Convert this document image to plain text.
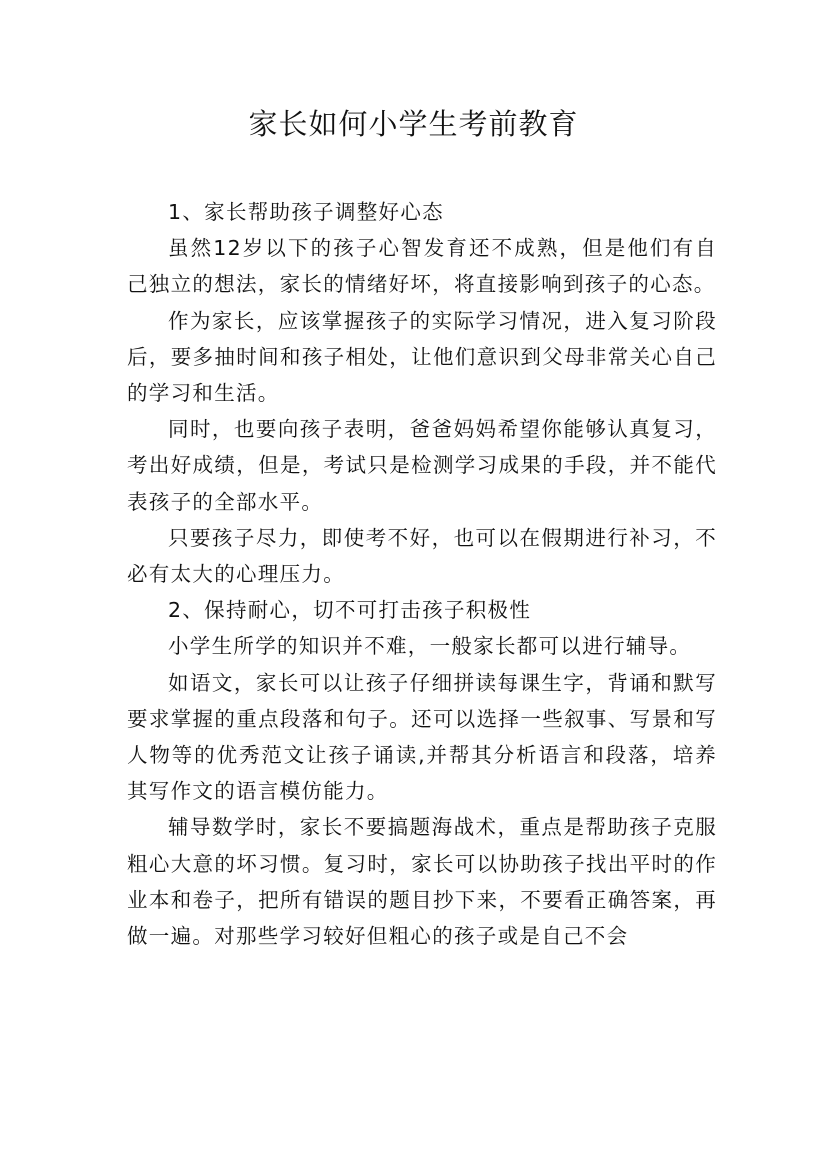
家长如何小学生考前教育

1、家长帮助孩子调整好心态

虽然12岁以下的孩子心智发育还不成熟，但是他们有自己独立的想法，家长的情绪好坏，将直接影响到孩子的心态。

作为家长，应该掌握孩子的实际学习情况，进入复习阶段后，要多抽时间和孩子相处，让他们意识到父母非常关心自己的学习和生活。

同时，也要向孩子表明，爸爸妈妈希望你能够认真复习，考出好成绩，但是，考试只是检测学习成果的手段，并不能代表孩子的全部水平。

只要孩子尽力，即使考不好，也可以在假期进行补习，不必有太大的心理压力。

2、保持耐心，切不可打击孩子积极性

小学生所学的知识并不难，一般家长都可以进行辅导。

如语文，家长可以让孩子仔细拼读每课生字，背诵和默写要求掌握的重点段落和句子。还可以选择一些叙事、写景和写人物等的优秀范文让孩子诵读,并帮其分析语言和段落，培养其写作文的语言模仿能力。

辅导数学时，家长不要搞题海战术，重点是帮助孩子克服粗心大意的坏习惯。复习时，家长可以协助孩子找出平时的作业本和卷子，把所有错误的题目抄下来，不要看正确答案，再做一遍。对那些学习较好但粗心的孩子或是自己不会
